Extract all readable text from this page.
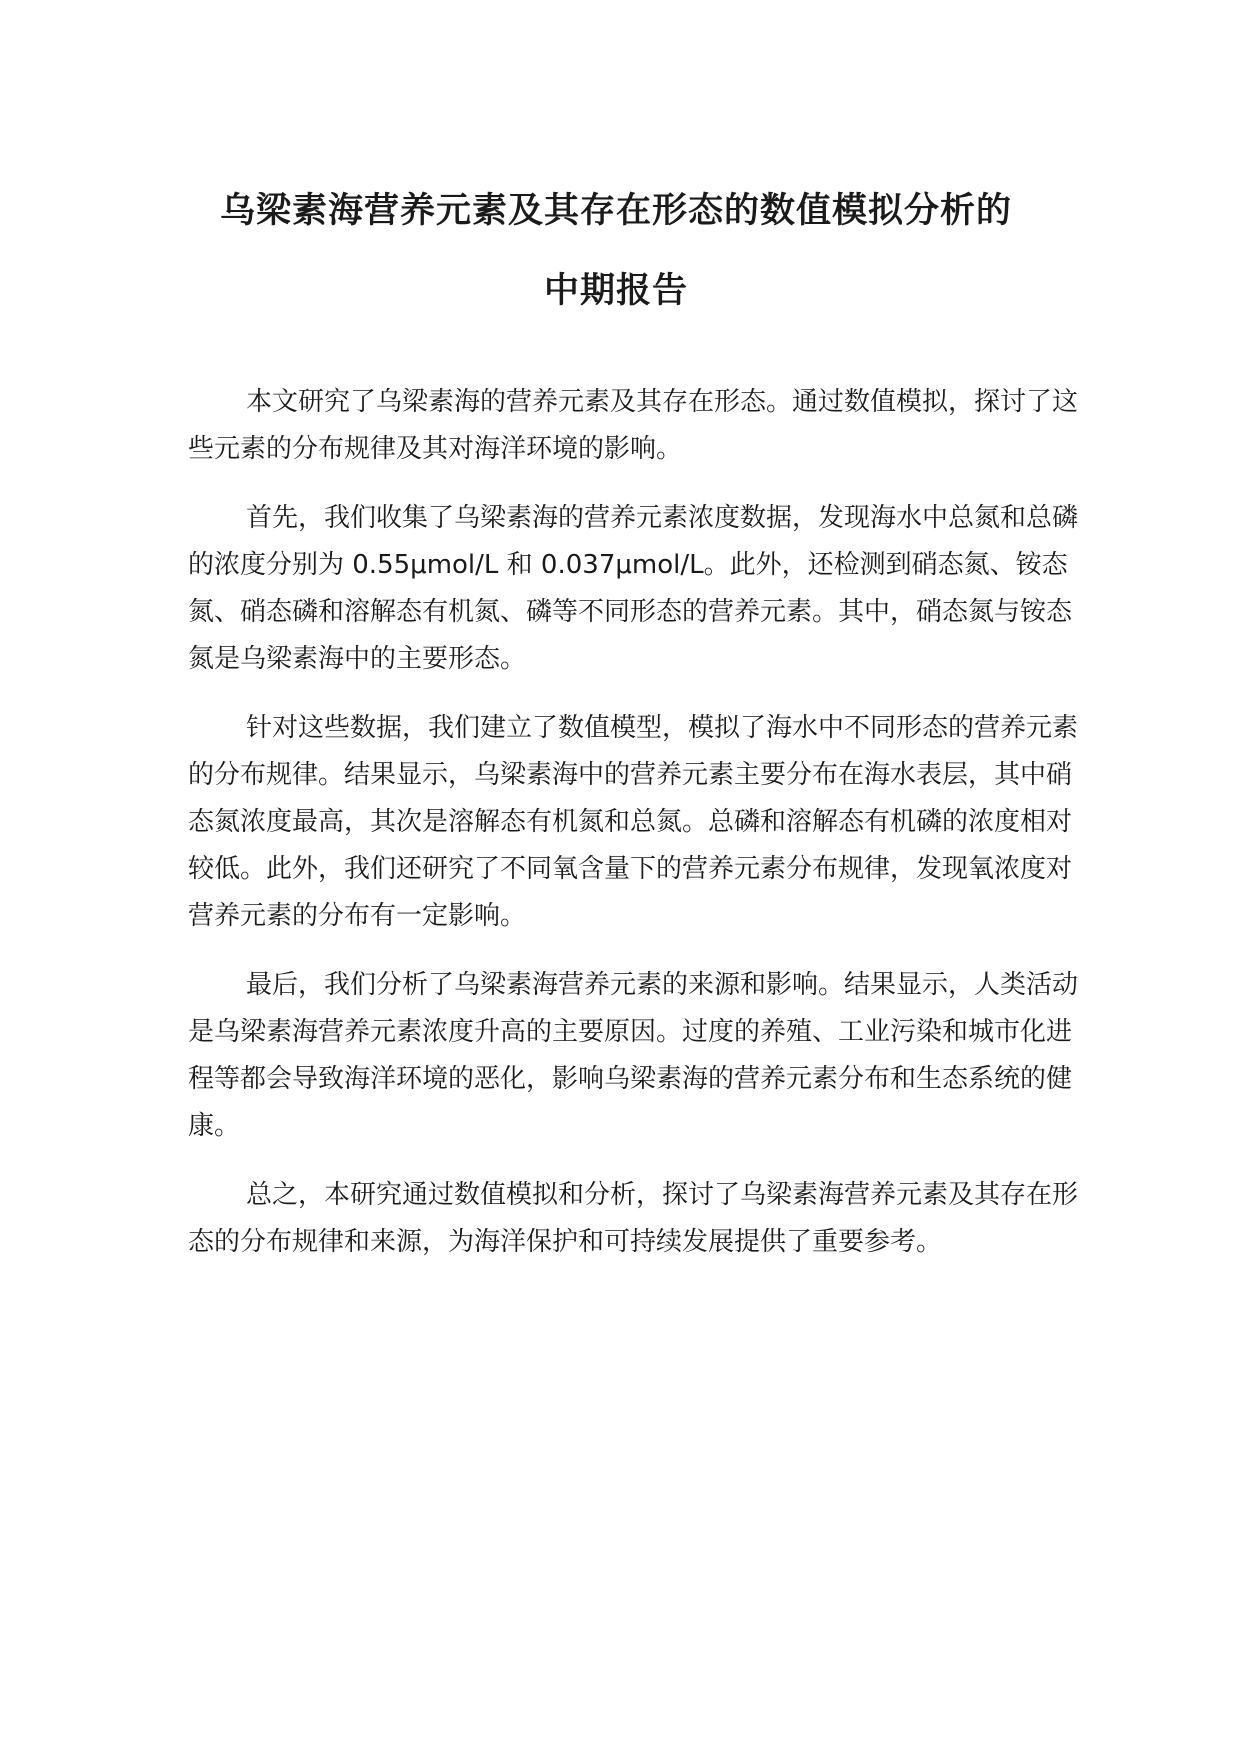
乌梁素海营养元素及其存在形态的数值模拟分析的
中期报告

本文研究了乌梁素海的营养元素及其存在形态。通过数值模拟，探讨了这些元素的分布规律及其对海洋环境的影响。

首先，我们收集了乌梁素海的营养元素浓度数据，发现海水中总氮和总磷的浓度分别为 0.55μmol/L 和 0.037μmol/L。此外，还检测到硝态氮、铵态氮、硝态磷和溶解态有机氮、磷等不同形态的营养元素。其中，硝态氮与铵态氮是乌梁素海中的主要形态。

针对这些数据，我们建立了数值模型，模拟了海水中不同形态的营养元素的分布规律。结果显示，乌梁素海中的营养元素主要分布在海水表层，其中硝态氮浓度最高，其次是溶解态有机氮和总氮。总磷和溶解态有机磷的浓度相对较低。此外，我们还研究了不同氧含量下的营养元素分布规律，发现氧浓度对营养元素的分布有一定影响。

最后，我们分析了乌梁素海营养元素的来源和影响。结果显示，人类活动是乌梁素海营养元素浓度升高的主要原因。过度的养殖、工业污染和城市化进程等都会导致海洋环境的恶化，影响乌梁素海的营养元素分布和生态系统的健康。

总之，本研究通过数值模拟和分析，探讨了乌梁素海营养元素及其存在形态的分布规律和来源，为海洋保护和可持续发展提供了重要参考。
